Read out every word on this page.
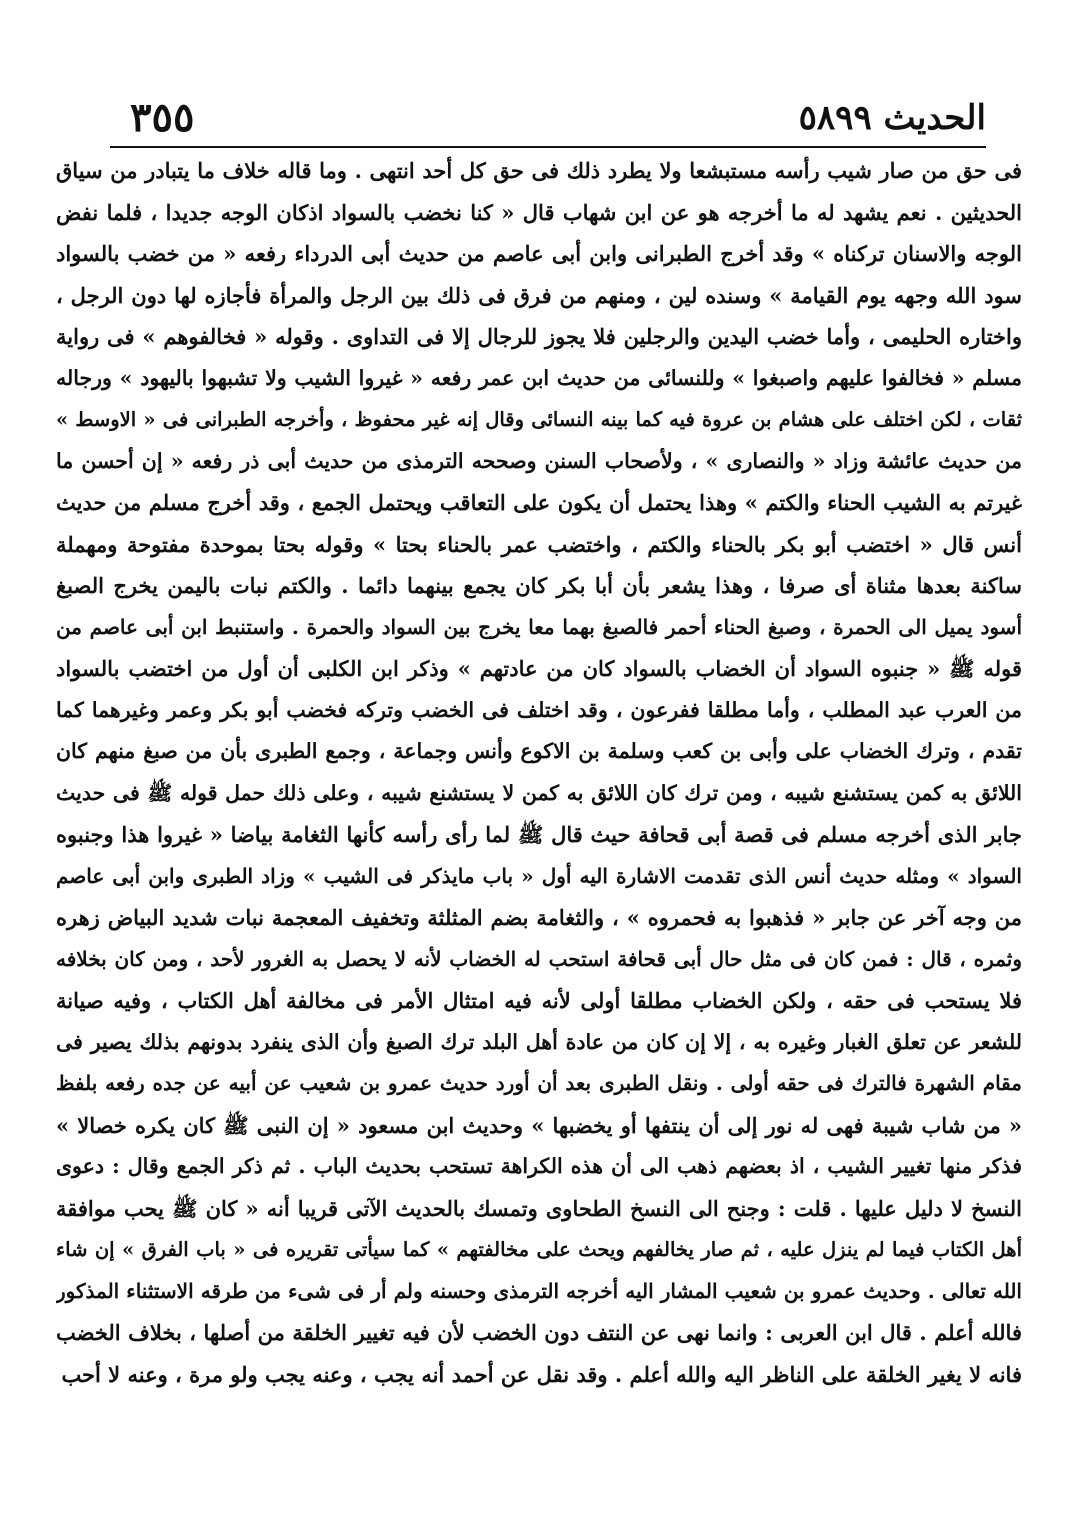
الحديث ٥٨٩٩
٣٥٥
فى حق من صار شيب رأسه مستبشعا ولا يطرد ذلك فى حق كل أحد انتهى . وما قاله خلاف ما يتبادر من سياق
الحديثين . نعم يشهد له ما أخرجه هو عن ابن شهاب قال « كنا نخضب بالسواد اذكان الوجه جديدا ، فلما نفض
الوجه والاسنان تركناه » وقد أخرج الطبرانى وابن أبى عاصم من حديث أبى الدرداء رفعه « من خضب بالسواد
سود الله وجهه يوم القيامة » وسنده لين ، ومنهم من فرق فى ذلك بين الرجل والمرأة فأجازه لها دون الرجل ،
واختاره الحليمى ، وأما خضب اليدين والرجلين فلا يجوز للرجال إلا فى التداوى . وقوله « فخالفوهم » فى رواية
مسلم « فخالفوا عليهم واصبغوا » وللنسائى من حديث ابن عمر رفعه « غيروا الشيب ولا تشبهوا باليهود » ورجاله
ثقات ، لكن اختلف على هشام بن عروة فيه كما بينه النسائى وقال إنه غير محفوظ ، وأخرجه الطبرانى فى « الاوسط »
من حديث عائشة وزاد « والنصارى » ، ولأصحاب السنن وصححه الترمذى من حديث أبى ذر رفعه « إن أحسن ما
غيرتم به الشيب الحناء والكتم » وهذا يحتمل أن يكون على التعاقب ويحتمل الجمع ، وقد أخرج مسلم من حديث
أنس قال « اختضب أبو بكر بالحناء والكتم ، واختضب عمر بالحناء بحتا » وقوله بحتا بموحدة مفتوحة ومهملة
ساكنة بعدها مثناة أى صرفا ، وهذا يشعر بأن أبا بكر كان يجمع بينهما دائما . والكتم نبات باليمن يخرج الصبغ
أسود يميل الى الحمرة ، وصبغ الحناء أحمر فالصبغ بهما معا يخرج بين السواد والحمرة . واستنبط ابن أبى عاصم من
قوله ﷺ « جنبوه السواد أن الخضاب بالسواد كان من عادتهم » وذكر ابن الكلبى أن أول من اختضب بالسواد
من العرب عبد المطلب ، وأما مطلقا ففرعون ، وقد اختلف فى الخضب وتركه فخضب أبو بكر وعمر وغيرهما كما
تقدم ، وترك الخضاب على وأبى بن كعب وسلمة بن الاكوع وأنس وجماعة ، وجمع الطبرى بأن من صبغ منهم كان
اللائق به كمن يستشنع شيبه ، ومن ترك كان اللائق به كمن لا يستشنع شيبه ، وعلى ذلك حمل قوله ﷺ فى حديث
جابر الذى أخرجه مسلم فى قصة أبى قحافة حيث قال ﷺ لما رأى رأسه كأنها الثغامة بياضا « غيروا هذا وجنبوه
السواد » ومثله حديث أنس الذى تقدمت الاشارة اليه أول « باب مايذكر فى الشيب » وزاد الطبرى وابن أبى عاصم
من وجه آخر عن جابر « فذهبوا به فحمروه » ، والثغامة بضم المثلثة وتخفيف المعجمة نبات شديد البياض زهره
وثمره ، قال : فمن كان فى مثل حال أبى قحافة استحب له الخضاب لأنه لا يحصل به الغرور لأحد ، ومن كان بخلافه
فلا يستحب فى حقه ، ولكن الخضاب مطلقا أولى لأنه فيه امتثال الأمر فى مخالفة أهل الكتاب ، وفيه صيانة
للشعر عن تعلق الغبار وغيره به ، إلا إن كان من عادة أهل البلد ترك الصبغ وأن الذى ينفرد بدونهم بذلك يصير فى
مقام الشهرة فالترك فى حقه أولى . ونقل الطبرى بعد أن أورد حديث عمرو بن شعيب عن أبيه عن جده رفعه بلفظ
« من شاب شيبة فهى له نور إلى أن ينتفها أو يخضبها » وحديث ابن مسعود « إن النبى ﷺ كان يكره خصالا »
فذكر منها تغيير الشيب ، اذ بعضهم ذهب الى أن هذه الكراهة تستحب بحديث الباب . ثم ذكر الجمع وقال : دعوى
النسخ لا دليل عليها . قلت : وجنح الى النسخ الطحاوى وتمسك بالحديث الآتى قريبا أنه « كان ﷺ يحب موافقة
أهل الكتاب فيما لم ينزل عليه ، ثم صار يخالفهم ويحث على مخالفتهم » كما سيأتى تقريره فى « باب الفرق » إن شاء
الله تعالى . وحديث عمرو بن شعيب المشار اليه أخرجه الترمذى وحسنه ولم أر فى شىء من طرقه الاستثناء المذكور
فالله أعلم . قال ابن العربى : وانما نهى عن النتف دون الخضب لأن فيه تغيير الخلقة من أصلها ، بخلاف الخضب
فانه لا يغير الخلقة على الناظر اليه والله أعلم . وقد نقل عن أحمد أنه يجب ، وعنه يجب ولو مرة ، وعنه لا أحب
